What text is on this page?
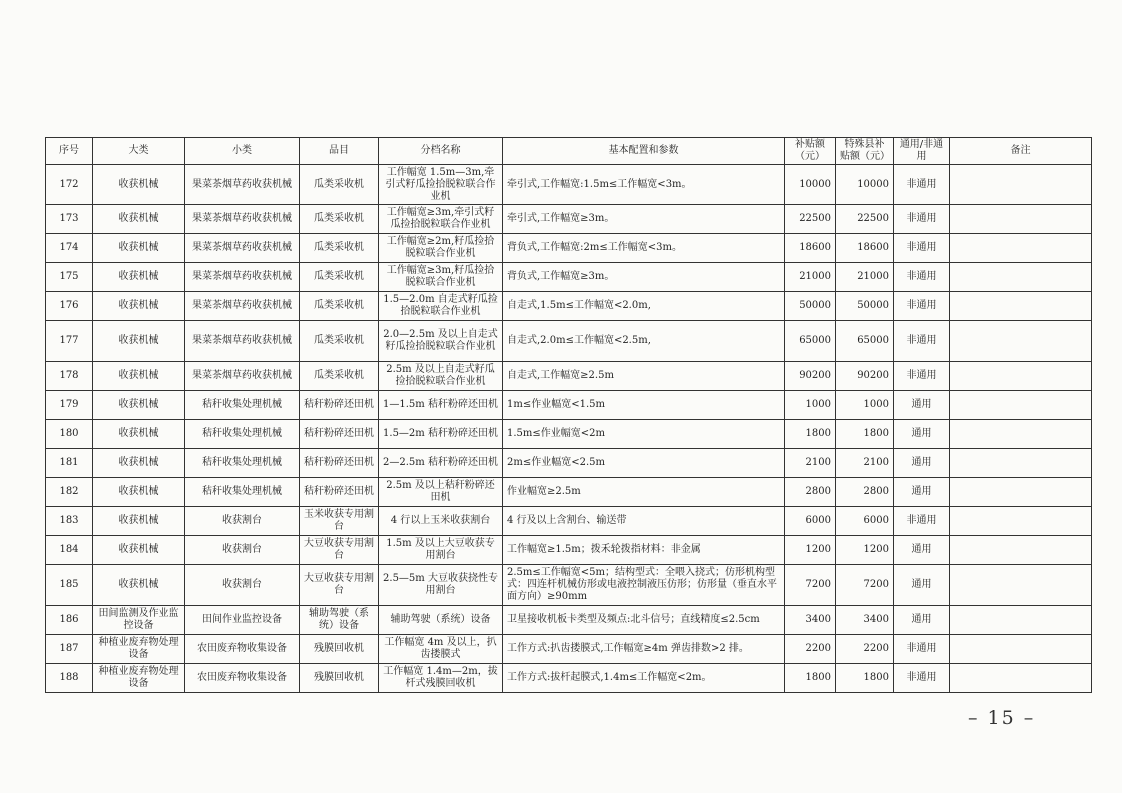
序号	大类	小类	品目	分档名称	基本配置和参数	补贴额（元）	特殊县补贴额（元）	通用/非通用	备注
172	收获机械	果菜茶烟草药收获机械	瓜类采收机	工作幅宽 1.5m—3m,牵引式籽瓜捡拾脱粒联合作业机	牵引式,工作幅宽:1.5m≤工作幅宽<3m。	10000	10000	非通用	
173	收获机械	果菜茶烟草药收获机械	瓜类采收机	工作幅宽≥3m,牵引式籽瓜捡拾脱粒联合作业机	牵引式,工作幅宽≥3m。	22500	22500	非通用	
174	收获机械	果菜茶烟草药收获机械	瓜类采收机	工作幅宽≥2m,籽瓜捡拾脱粒联合作业机	背负式,工作幅宽:2m≤工作幅宽<3m。	18600	18600	非通用	
175	收获机械	果菜茶烟草药收获机械	瓜类采收机	工作幅宽≥3m,籽瓜捡拾脱粒联合作业机	背负式,工作幅宽≥3m。	21000	21000	非通用	
176	收获机械	果菜茶烟草药收获机械	瓜类采收机	1.5—2.0m 自走式籽瓜捡拾脱粒联合作业机	自走式,1.5m≤工作幅宽<2.0m,	50000	50000	非通用	
177	收获机械	果菜茶烟草药收获机械	瓜类采收机	2.0—2.5m 及以上自走式籽瓜捡拾脱粒联合作业机	自走式,2.0m≤工作幅宽<2.5m,	65000	65000	非通用	
178	收获机械	果菜茶烟草药收获机械	瓜类采收机	2.5m 及以上自走式籽瓜捡拾脱粒联合作业机	自走式,工作幅宽≥2.5m	90200	90200	非通用	
179	收获机械	秸秆收集处理机械	秸秆粉碎还田机	1—1.5m 秸秆粉碎还田机	1m≤作业幅宽<1.5m	1000	1000	通用	
180	收获机械	秸秆收集处理机械	秸秆粉碎还田机	1.5—2m 秸秆粉碎还田机	1.5m≤作业幅宽<2m	1800	1800	通用	
181	收获机械	秸秆收集处理机械	秸秆粉碎还田机	2—2.5m 秸秆粉碎还田机	2m≤作业幅宽<2.5m	2100	2100	通用	
182	收获机械	秸秆收集处理机械	秸秆粉碎还田机	2.5m 及以上秸秆粉碎还田机	作业幅宽≥2.5m	2800	2800	通用	
183	收获机械	收获割台	玉米收获专用割台	4 行以上玉米收获割台	4 行及以上含割台、输送带	6000	6000	非通用	
184	收获机械	收获割台	大豆收获专用割台	1.5m 及以上大豆收获专用割台	工作幅宽≥1.5m；拨禾轮拨指材料：非金属	1200	1200	通用	
185	收获机械	收获割台	大豆收获专用割台	2.5—5m 大豆收获挠性专用割台	2.5m≤工作幅宽<5m；结构型式：全喂入挠式；仿形机构型式：四连杆机械仿形或电液控制液压仿形；仿形量（垂直水平面方向）≥90mm	7200	7200	通用	
186	田间监测及作业监控设备	田间作业监控设备	辅助驾驶（系统）设备	辅助驾驶（系统）设备	卫星接收机板卡类型及频点:北斗信号；直线精度≤2.5cm	3400	3400	通用	
187	种植业废弃物处理设备	农田废弃物收集设备	残膜回收机	工作幅宽 4m 及以上，扒齿搂膜式	工作方式:扒齿搂膜式,工作幅宽≥4m 弹齿排数>2 排。	2200	2200	非通用	
188	种植业废弃物处理设备	农田废弃物收集设备	残膜回收机	工作幅宽 1.4m—2m，拔杆式残膜回收机	工作方式:拔杆起膜式,1.4m≤工作幅宽<2m。	1800	1800	非通用	
– 15 –
